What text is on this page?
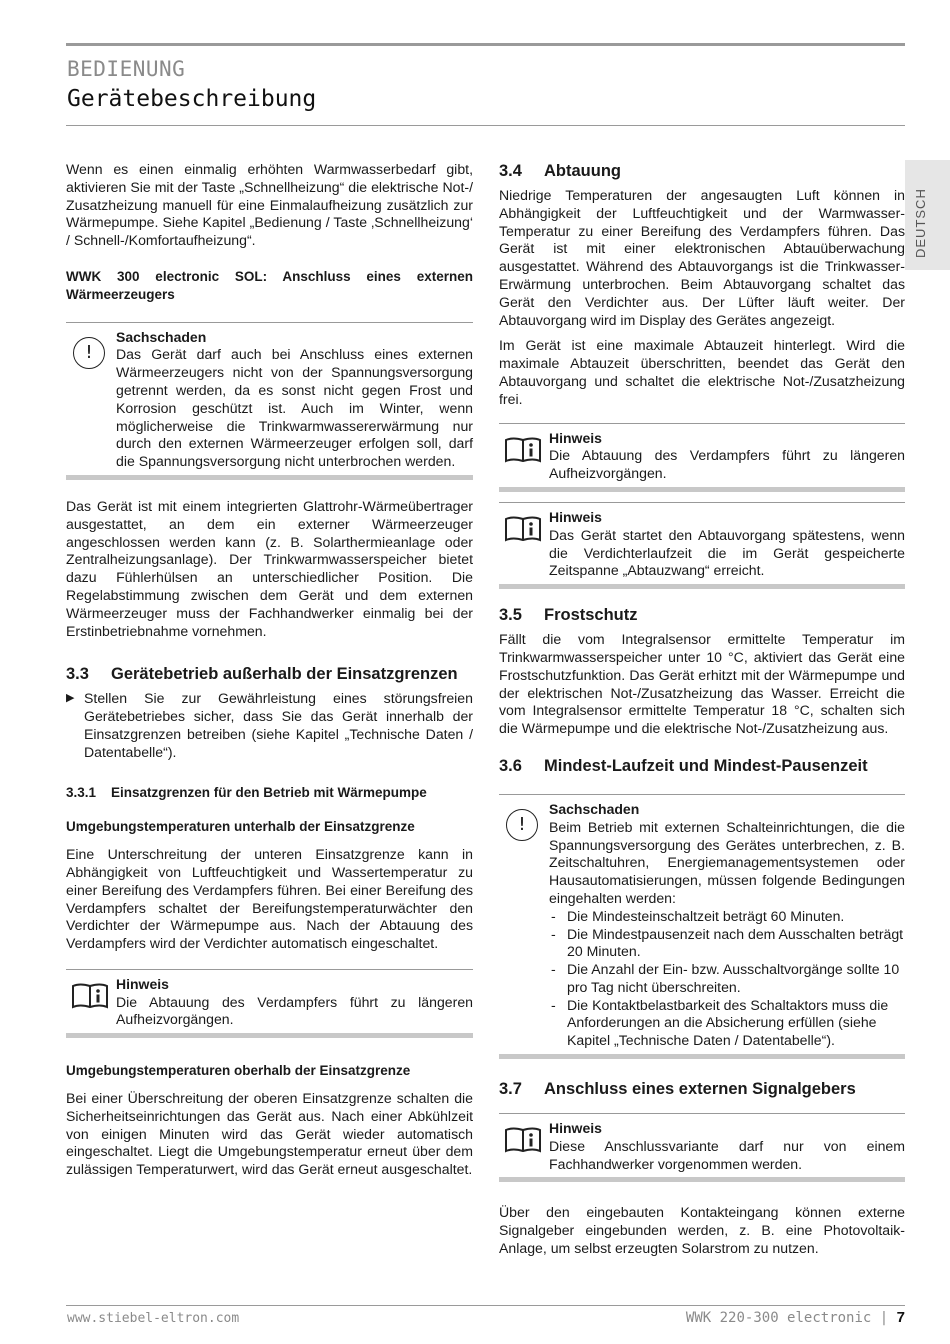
BEDIENUNG
Gerätebeschreibung
DEUTSCH

Wenn es einen einmalig erhöhten Warmwasserbedarf gibt, aktivieren Sie mit der Taste „Schnellheizung“ die elektrische Not-/ Zusatzheizung manuell für eine Einmalaufheizung zusätzlich zur Wärmepumpe. Siehe Kapitel „Bedienung / Taste ‚Schnellheizung‘ / Schnell-/Komfortaufheizung“.

WWK 300 electronic SOL: Anschluss eines externen Wärmeerzeugers

!

Sachschaden

Das Gerät darf auch bei Anschluss eines externen Wärmeerzeugers nicht von der Spannungsversorgung getrennt werden, da es sonst nicht gegen Frost und Korrosion geschützt ist. Auch im Winter, wenn möglicherweise die Trinkwarmwassererwärmung nur durch den externen Wärmeerzeuger erfolgen soll, darf die Spannungsversorgung nicht unterbrochen werden.

Das Gerät ist mit einem integrierten Glattrohr-Wärmeübertrager ausgestattet, an dem ein externer Wärmeerzeuger angeschlossen werden kann (z. B. Solarthermieanlage oder Zentralheizungsanlage). Der Trinkwarmwasserspeicher bietet dazu Fühlerhülsen an unterschiedlicher Position. Die Regelabstimmung zwischen dem Gerät und dem externen Wärmeerzeuger muss der Fachhandwerker einmalig bei der Erstinbetriebnahme vornehmen.

3.3 Gerätebetrieb außerhalb der Einsatzgrenzen

▶ Stellen Sie zur Gewährleistung eines störungsfreien Gerätebetriebes sicher, dass Sie das Gerät innerhalb der Einsatzgrenzen betreiben (siehe Kapitel „Technische Daten / Datentabelle“).

3.3.1 Einsatzgrenzen für den Betrieb mit Wärmepumpe

Umgebungstemperaturen unterhalb der Einsatzgrenze

Eine Unterschreitung der unteren Einsatzgrenze kann in Abhängigkeit von Luftfeuchtigkeit und Wassertemperatur zu einer Bereifung des Verdampfers führen. Bei einer Bereifung des Verdampfers schaltet der Bereifungstemperaturwächter den Verdichter der Wärmepumpe aus. Nach der Abtauung des Verdampfers wird der Verdichter automatisch eingeschaltet.

Hinweis

Die Abtauung des Verdampfers führt zu längeren Aufheizvorgängen.

Umgebungstemperaturen oberhalb der Einsatzgrenze

Bei einer Überschreitung der oberen Einsatzgrenze schalten die Sicherheitseinrichtungen das Gerät aus. Nach einer Abkühlzeit von einigen Minuten wird das Gerät wieder automatisch eingeschaltet. Liegt die Umgebungstemperatur erneut über dem zulässigen Temperaturwert, wird das Gerät erneut ausgeschaltet.

3.4 Abtauung

Niedrige Temperaturen der angesaugten Luft können in Abhängigkeit der Luftfeuchtigkeit und der Warmwasser-Temperatur zu einer Bereifung des Verdampfers führen. Das Gerät ist mit einer elektronischen Abtauüberwachung ausgestattet. Während des Abtauvorgangs ist die Trinkwasser-Erwärmung unterbrochen. Beim Abtauvorgang schaltet das Gerät den Verdichter aus. Der Lüfter läuft weiter. Der Abtauvorgang wird im Display des Gerätes angezeigt.

Im Gerät ist eine maximale Abtauzeit hinterlegt. Wird die maximale Abtauzeit überschritten, beendet das Gerät den Abtauvorgang und schaltet die elektrische Not-/Zusatzheizung frei.

Hinweis

Die Abtauung des Verdampfers führt zu längeren Aufheizvorgängen.

Hinweis

Das Gerät startet den Abtauvorgang spätestens, wenn die Verdichterlaufzeit die im Gerät gespeicherte Zeitspanne „Abtauzwang“ erreicht.

3.5 Frostschutz

Fällt die vom Integralsensor ermittelte Temperatur im Trinkwarmwasserspeicher unter 10 °C, aktiviert das Gerät eine Frostschutzfunktion. Das Gerät erhitzt mit der Wärmepumpe und der elektrischen Not-/Zusatzheizung das Wasser. Erreicht die vom Integralsensor ermittelte Temperatur 18 °C, schalten sich die Wärmepumpe und die elektrische Not-/Zusatzheizung aus.

3.6 Mindest-Laufzeit und Mindest-Pausenzeit
!

Sachschaden

Beim Betrieb mit externen Schalteinrichtungen, die die Spannungsversorgung des Gerätes unterbrechen, z. B. Zeitschaltuhren, Energiemanagementsystemen oder Hausautomatisierungen, müssen folgende Bedingungen eingehalten werden:

- Die Mindesteinschaltzeit beträgt 60 Minuten.
- Die Mindestpausenzeit nach dem Ausschalten beträgt 20 Minuten.
- Die Anzahl der Ein- bzw. Ausschaltvorgänge sollte 10 pro Tag nicht überschreiten.
- Die Kontaktbelastbarkeit des Schaltaktors muss die Anforderungen an die Absicherung erfüllen (siehe Kapitel „Technische Daten / Datentabelle“).
3.7 Anschluss eines externen Signalgebers

Hinweis

Diese Anschlussvariante darf nur von einem Fachhandwerker vorgenommen werden.

Über den eingebauten Kontakteingang können externe Signalgeber eingebunden werden, z. B. eine Photovoltaik-Anlage, um selbst erzeugten Solarstrom zu nutzen.

www.stiebel-eltron.com	WWK 220-300 electronic | 7
